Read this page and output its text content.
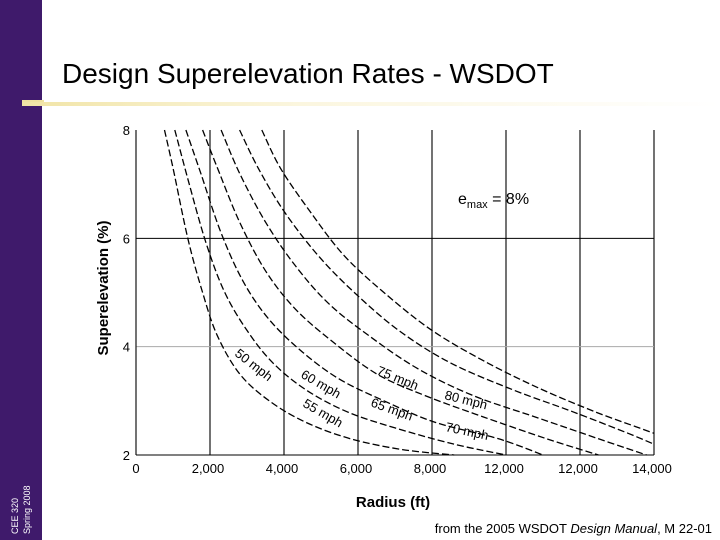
CEE 320 Spring 2008
Design Superelevation Rates - WSDOT
0	2,000	4,000	6,000	8,000	12,000	12,000	14,000
2
4
6
8
50 mph
55 mph
60 mph
65 mph
70 mph
75 mph
80 mph
$e_{max} = 8\%$
Radius (ft)
Superelevation (%)
from the 2005 WSDOT Design Manual, M 22-01
